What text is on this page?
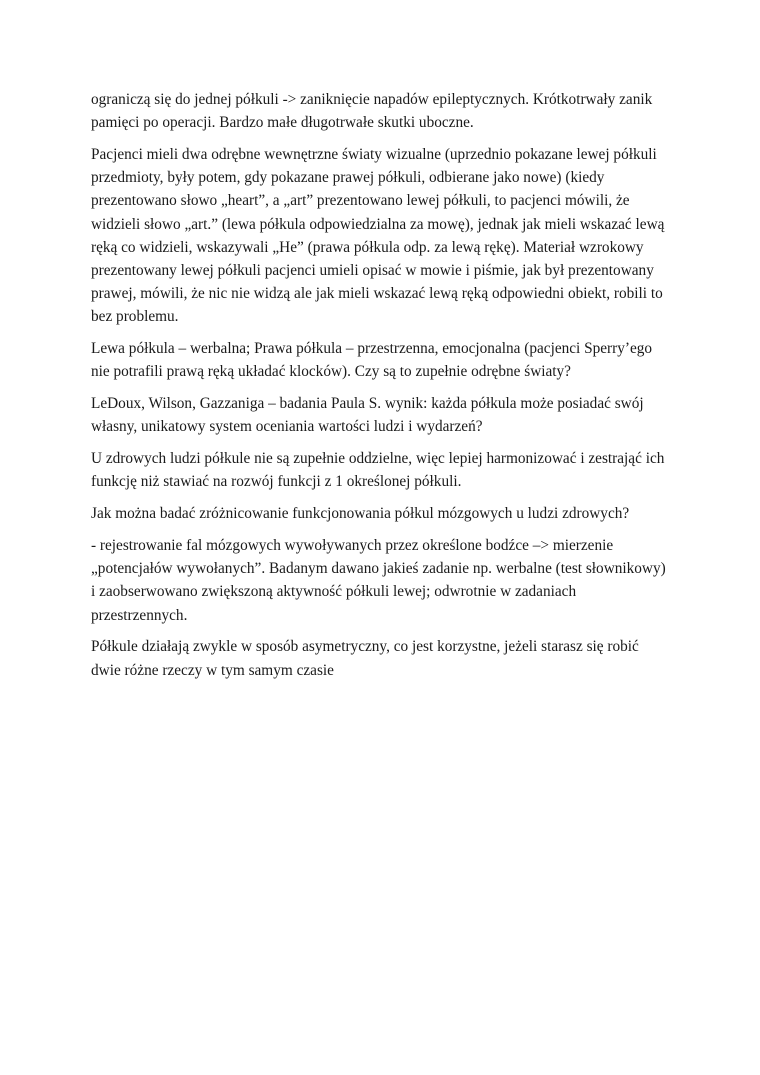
ograniczą się do jednej półkuli -> zaniknięcie napadów epileptycznych. Krótkotrwały zanik
pamięci po operacji. Bardzo małe długotrwałe skutki uboczne.

Pacjenci mieli dwa odrębne wewnętrzne światy wizualne (uprzednio pokazane lewej półkuli
przedmioty, były potem, gdy pokazane prawej półkuli, odbierane jako nowe) (kiedy
prezentowano słowo „heart”, a „art” prezentowano lewej półkuli, to pacjenci mówili, że
widzieli słowo „art.” (lewa półkula odpowiedzialna za mowę), jednak jak mieli wskazać lewą
ręką co widzieli, wskazywali „He” (prawa półkula odp. za lewą rękę). Materiał wzrokowy
prezentowany lewej półkuli pacjenci umieli opisać w mowie i piśmie, jak był prezentowany
prawej, mówili, że nic nie widzą ale jak mieli wskazać lewą ręką odpowiedni obiekt, robili to
bez problemu.

Lewa półkula – werbalna; Prawa półkula – przestrzenna, emocjonalna (pacjenci Sperry’ego
nie potrafili prawą ręką układać klocków). Czy są to zupełnie odrębne światy?

LeDoux, Wilson, Gazzaniga – badania Paula S. wynik: każda półkula może posiadać swój
własny, unikatowy system oceniania wartości ludzi i wydarzeń?

U zdrowych ludzi półkule nie są zupełnie oddzielne, więc lepiej harmonizować i zestrająć ich
funkcję niż stawiać na rozwój funkcji z 1 określonej półkuli.

Jak można badać zróżnicowanie funkcjonowania półkul mózgowych u ludzi zdrowych?

- rejestrowanie fal mózgowych wywoływanych przez określone bodźce –> mierzenie
„potencjałów wywołanych”. Badanym dawano jakieś zadanie np. werbalne (test słownikowy)
i zaobserwowano zwiększoną aktywność półkuli lewej; odwrotnie w zadaniach
przestrzennych.

Półkule działają zwykle w sposób asymetryczny, co jest korzystne, jeżeli starasz się robić
dwie różne rzeczy w tym samym czasie
